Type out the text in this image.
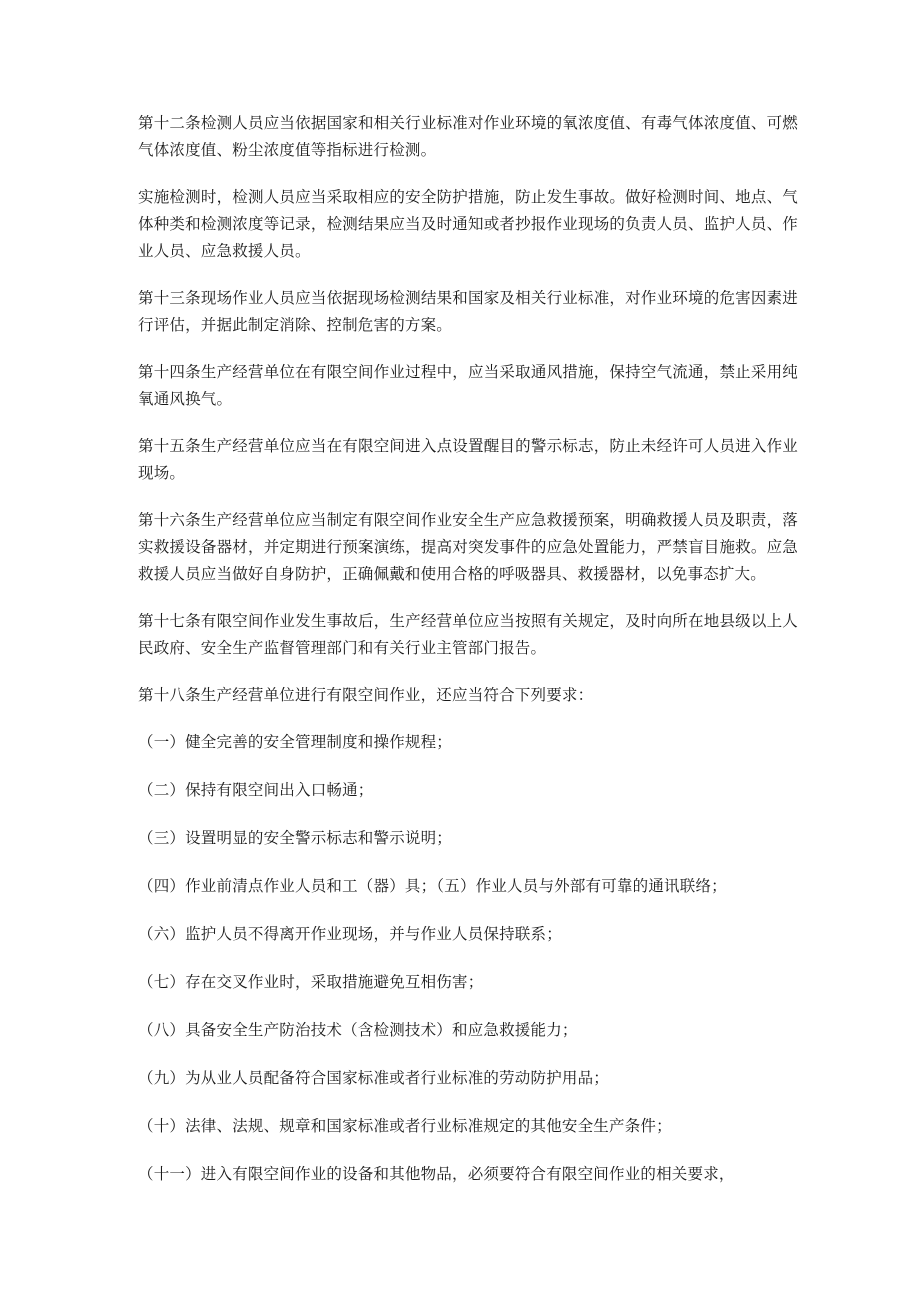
第十二条检测人员应当依据国家和相关行业标准对作业环境的氧浓度值、有毒气体浓度值、可燃气体浓度值、粉尘浓度值等指标进行检测。

实施检测时，检测人员应当采取相应的安全防护措施，防止发生事故。做好检测时间、地点、气体种类和检测浓度等记录，检测结果应当及时通知或者抄报作业现场的负责人员、监护人员、作业人员、应急救援人员。

第十三条现场作业人员应当依据现场检测结果和国家及相关行业标准，对作业环境的危害因素进行评估，并据此制定消除、控制危害的方案。

第十四条生产经营单位在有限空间作业过程中，应当采取通风措施，保持空气流通，禁止采用纯氧通风换气。

第十五条生产经营单位应当在有限空间进入点设置醒目的警示标志，防止未经许可人员进入作业现场。

第十六条生产经营单位应当制定有限空间作业安全生产应急救援预案，明确救援人员及职责，落实救援设备器材，并定期进行预案演练，提高对突发事件的应急处置能力，严禁盲目施救。应急救援人员应当做好自身防护，正确佩戴和使用合格的呼吸器具、救援器材，以免事态扩大。

第十七条有限空间作业发生事故后，生产经营单位应当按照有关规定，及时向所在地县级以上人民政府、安全生产监督管理部门和有关行业主管部门报告。

第十八条生产经营单位进行有限空间作业，还应当符合下列要求：

（一）健全完善的安全管理制度和操作规程；

（二）保持有限空间出入口畅通；

（三）设置明显的安全警示标志和警示说明；

（四）作业前清点作业人员和工（器）具；（五）作业人员与外部有可靠的通讯联络；

（六）监护人员不得离开作业现场，并与作业人员保持联系；

（七）存在交叉作业时，采取措施避免互相伤害；

（八）具备安全生产防治技术（含检测技术）和应急救援能力；

（九）为从业人员配备符合国家标准或者行业标准的劳动防护用品；

（十）法律、法规、规章和国家标准或者行业标准规定的其他安全生产条件；

（十一）进入有限空间作业的设备和其他物品，必须要符合有限空间作业的相关要求，
